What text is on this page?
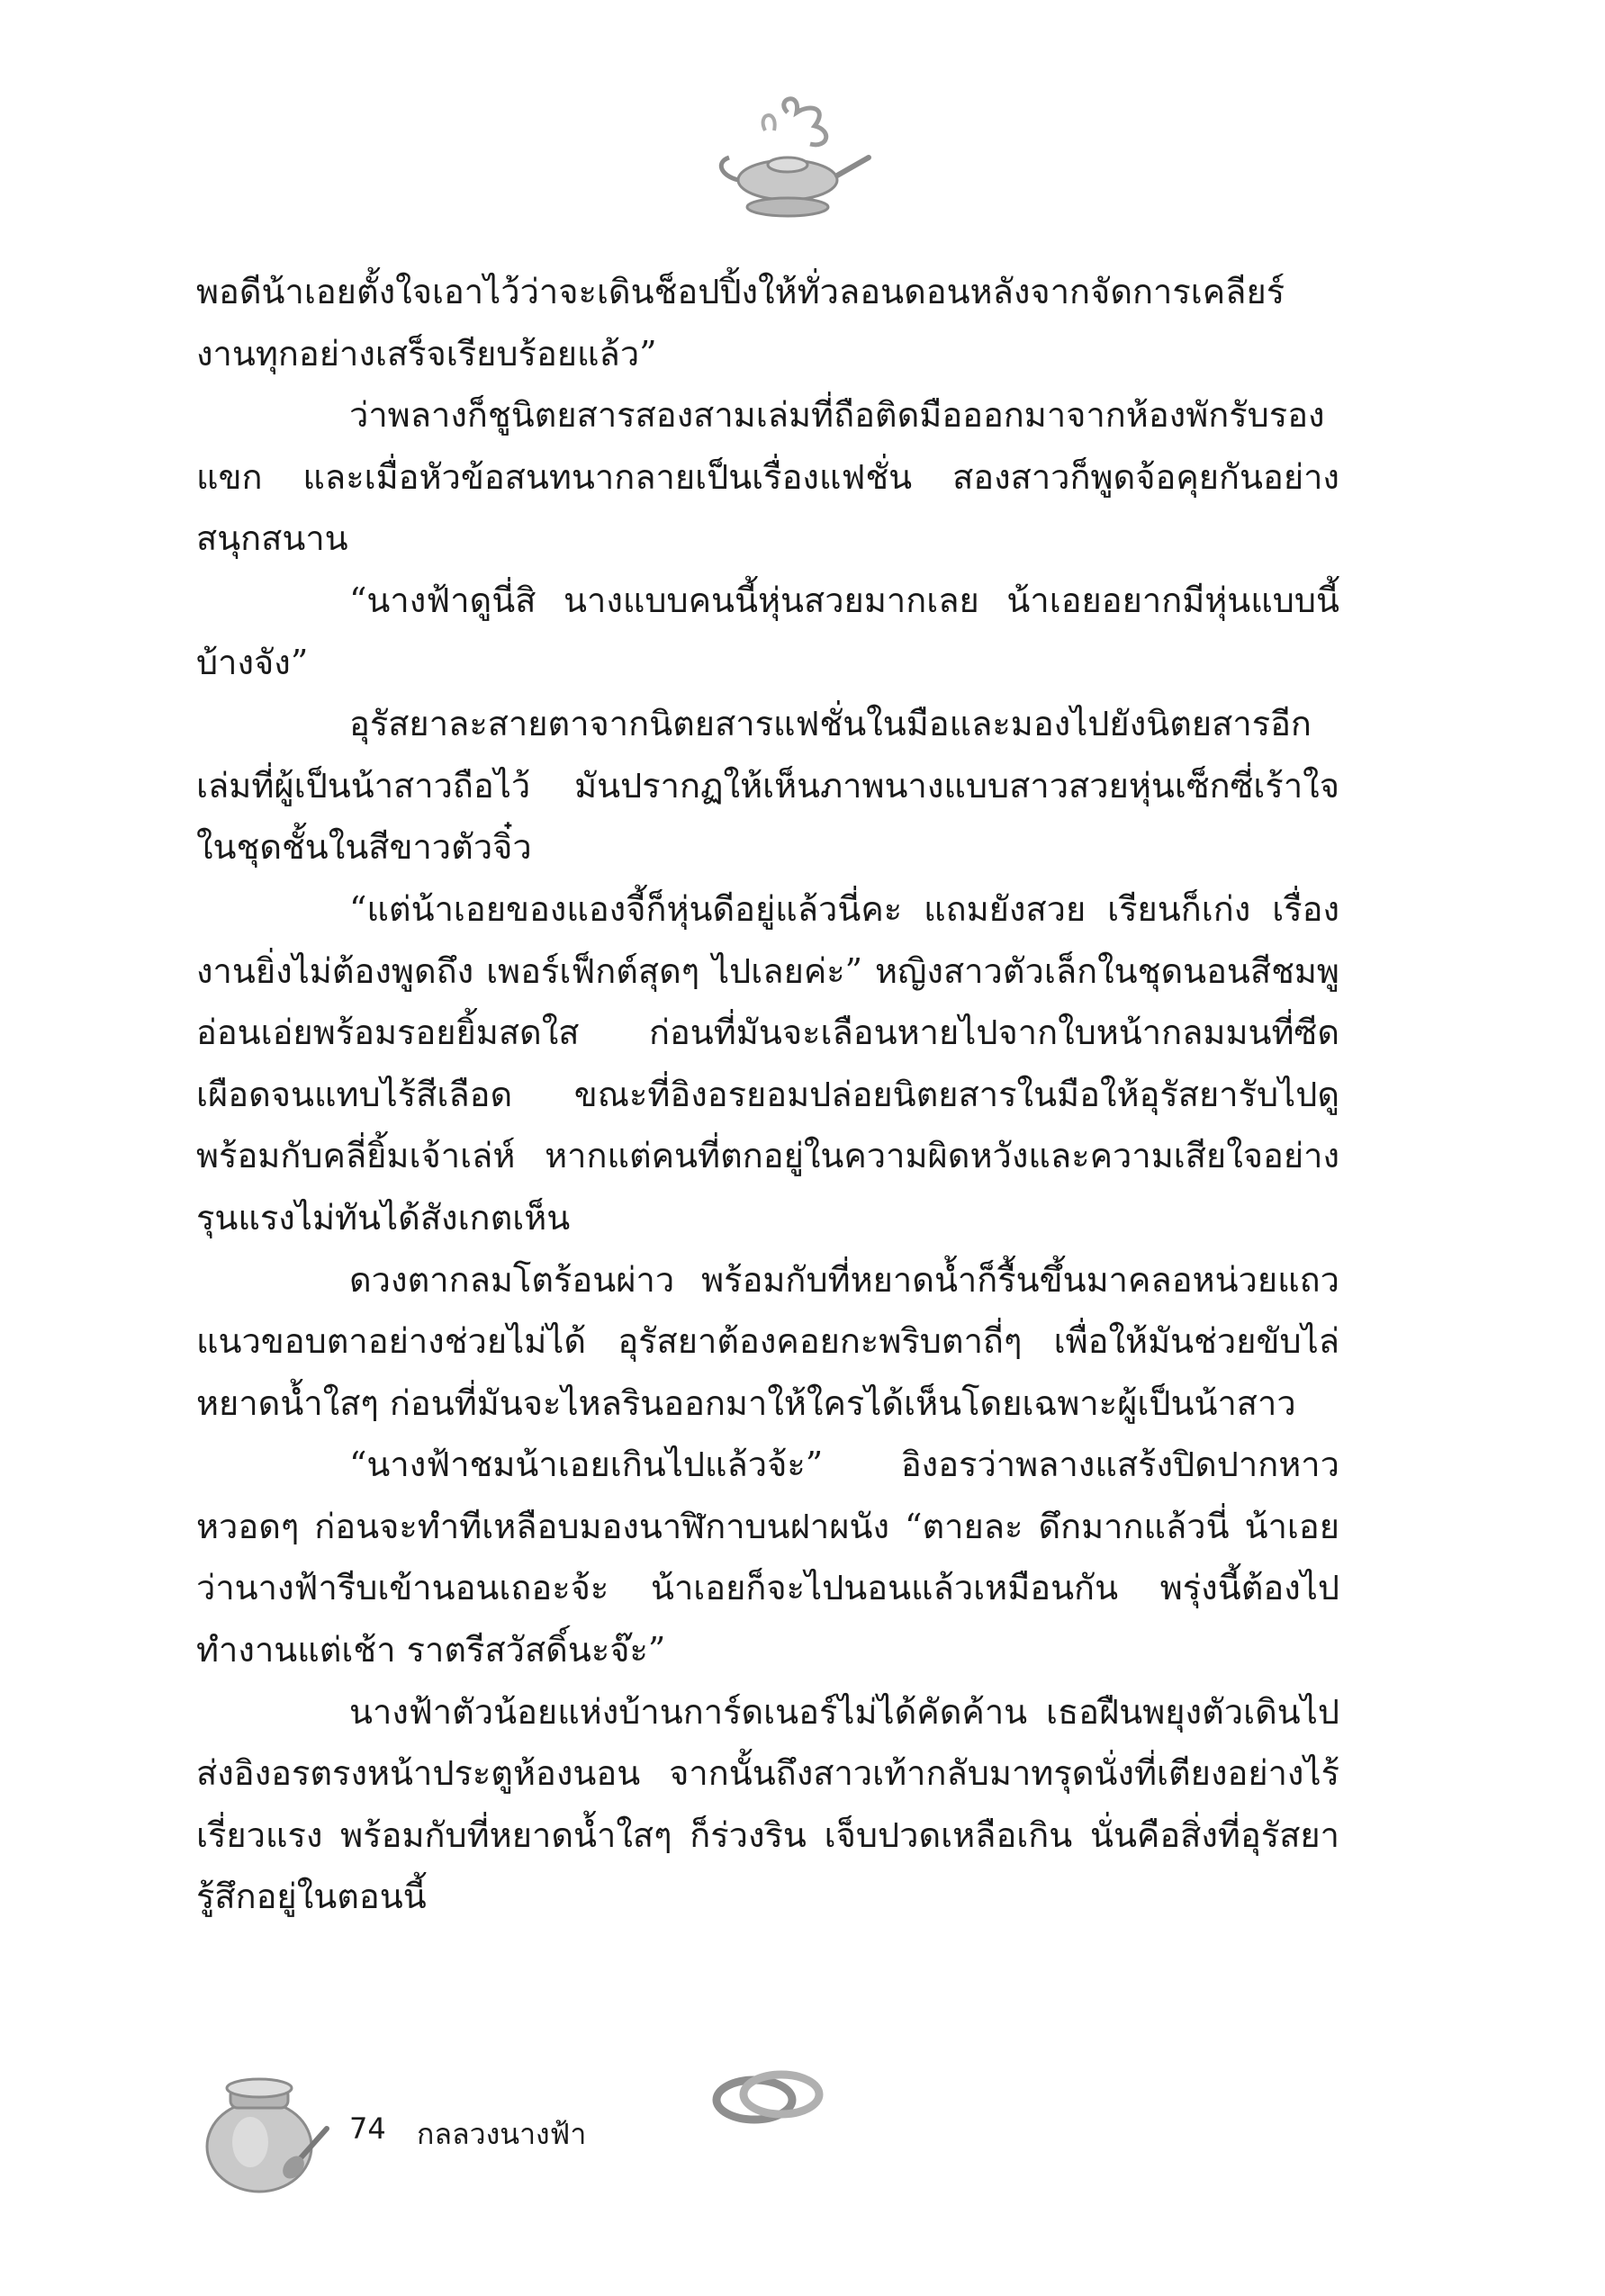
พอดีน้าเอยตั้งใจเอาไว้ว่าจะเดินช็อปปิ้งให้ทั่วลอนดอนหลังจากจัดการเคลียร์งานทุกอย่างเสร็จเรียบร้อยแล้ว”

ว่าพลางก็ชูนิตยสารสองสามเล่มที่ถือติดมือออกมาจากห้องพักรับรองแขก และเมื่อหัวข้อสนทนากลายเป็นเรื่องแฟชั่น สองสาวก็พูดจ้อคุยกันอย่างสนุกสนาน

“นางฟ้าดูนี่สิ นางแบบคนนี้หุ่นสวยมากเลย น้าเอยอยากมีหุ่นแบบนี้บ้างจัง”

อุรัสยาละสายตาจากนิตยสารแฟชั่นในมือและมองไปยังนิตยสารอีกเล่มที่ผู้เป็นน้าสาวถือไว้ มันปรากฏให้เห็นภาพนางแบบสาวสวยหุ่นเซ็กซี่เร้าใจในชุดชั้นในสีขาวตัวจิ๋ว

“แต่น้าเอยของแองจี้ก็หุ่นดีอยู่แล้วนี่คะ แถมยังสวย เรียนก็เก่ง เรื่องงานยิ่งไม่ต้องพูดถึง เพอร์เฟ็กต์สุดๆ ไปเลยค่ะ” หญิงสาวตัวเล็กในชุดนอนสีชมพูอ่อนเอ่ยพร้อมรอยยิ้มสดใส ก่อนที่มันจะเลือนหายไปจากใบหน้ากลมมนที่ซีดเผือดจนแทบไร้สีเลือด ขณะที่อิงอรยอมปล่อยนิตยสารในมือให้อุรัสยารับไปดูพร้อมกับคลี่ยิ้มเจ้าเล่ห์ หากแต่คนที่ตกอยู่ในความผิดหวังและความเสียใจอย่างรุนแรงไม่ทันได้สังเกตเห็น

ดวงตากลมโตร้อนผ่าว พร้อมกับที่หยาดน้ำก็รื้นขึ้นมาคลอหน่วยแถวแนวขอบตาอย่างช่วยไม่ได้ อุรัสยาต้องคอยกะพริบตาถี่ๆ เพื่อให้มันช่วยขับไล่หยาดน้ำใสๆ ก่อนที่มันจะไหลรินออกมาให้ใครได้เห็นโดยเฉพาะผู้เป็นน้าสาว

“นางฟ้าชมน้าเอยเกินไปแล้วจ้ะ” อิงอรว่าพลางแสร้งปิดปากหาวหวอดๆ ก่อนจะทำทีเหลือบมองนาฬิกาบนฝาผนัง “ตายละ ดึกมากแล้วนี่ น้าเอยว่านางฟ้ารีบเข้านอนเถอะจ้ะ น้าเอยก็จะไปนอนแล้วเหมือนกัน พรุ่งนี้ต้องไปทำงานแต่เช้า ราตรีสวัสดิ์นะจ๊ะ”

นางฟ้าตัวน้อยแห่งบ้านการ์ดเนอร์ไม่ได้คัดค้าน เธอฝืนพยุงตัวเดินไปส่งอิงอรตรงหน้าประตูห้องนอน จากนั้นถึงสาวเท้ากลับมาทรุดนั่งที่เตียงอย่างไร้เรี่ยวแรง พร้อมกับที่หยาดน้ำใสๆ ก็ร่วงริน เจ็บปวดเหลือเกิน นั่นคือสิ่งที่อุรัสยารู้สึกอยู่ในตอนนี้

74 กลลวงนางฟ้า
